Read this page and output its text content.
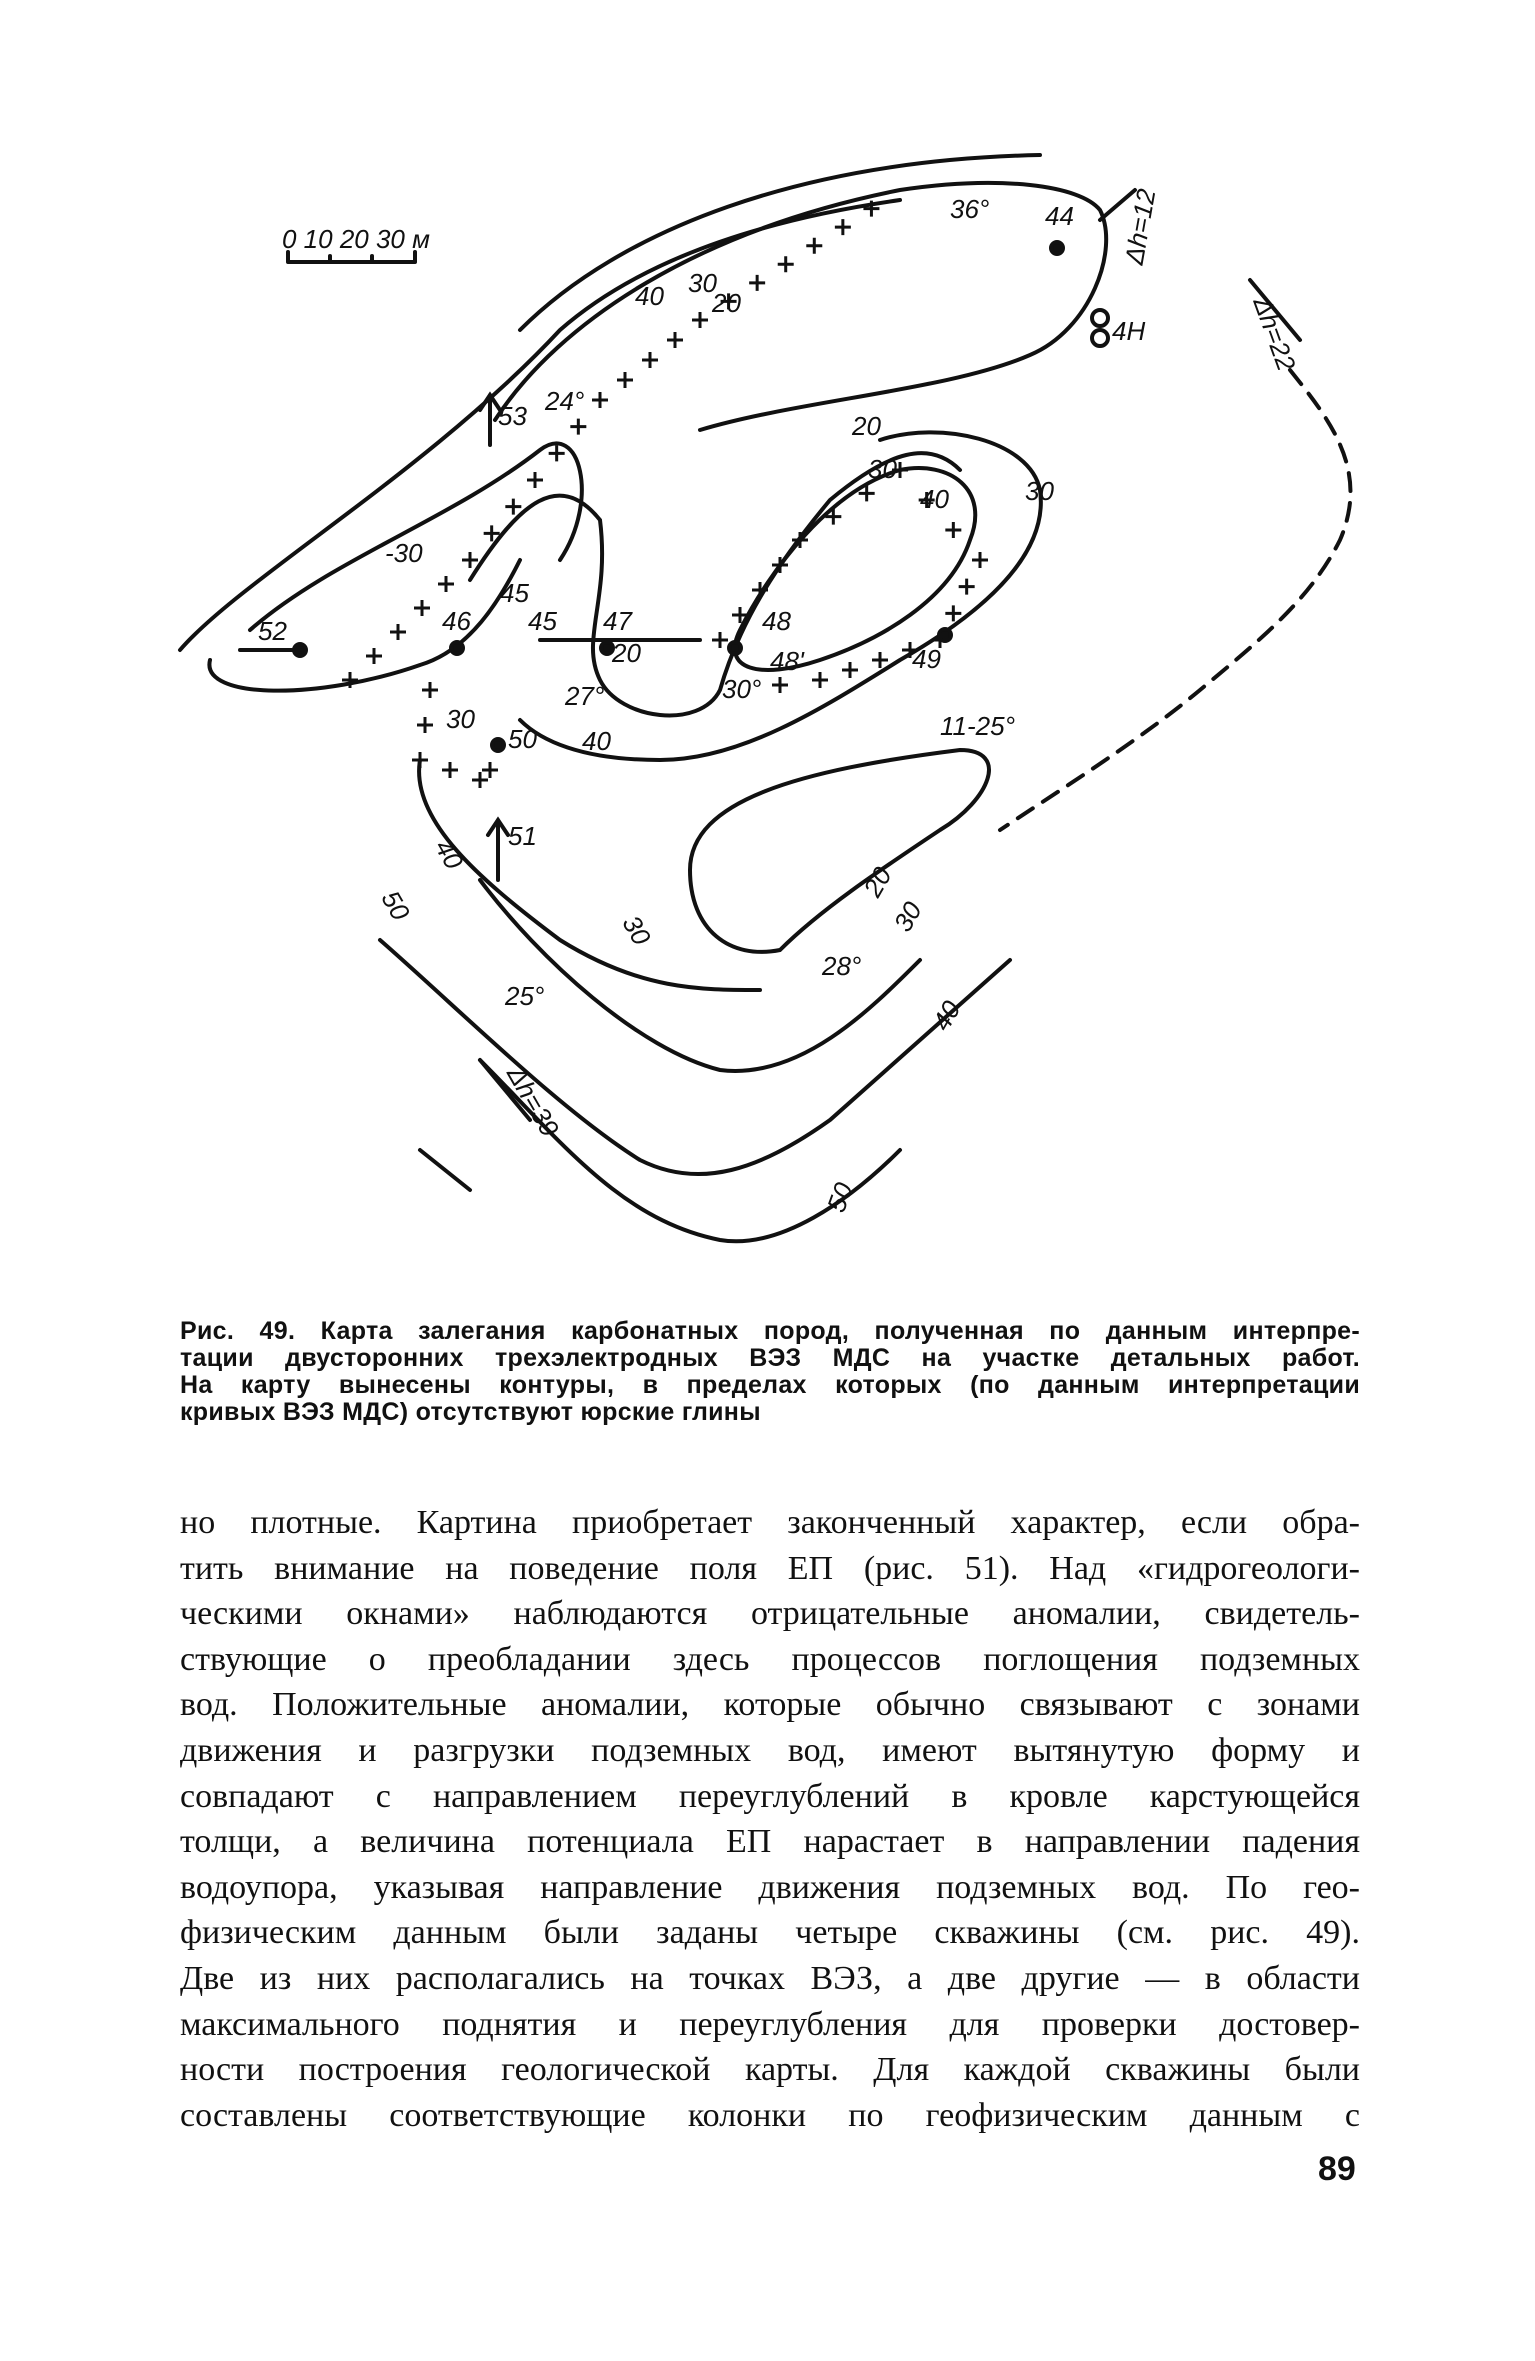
0 10 20 30 м
44
4Н
Δh=12
Δh=22
53 24°
40 30
20
36°
20
30
40	30
-30
52	46
45
45 47
20
48
48'
30°
49
27°
40
30
50	11-25°
51
40
50
30
20
30
28°
40
25°
Δh=39
50
Рис. 49. Карта залегания карбонатных пород, полученная по данным интерпре-
тации двусторонних трехэлектродных ВЭЗ МДС на участке детальных работ.
На карту вынесены контуры, в пределах которых (по данным интерпретации
кривых ВЭЗ МДС) отсутствуют юрские глины
но плотные. Картина приобретает законченный характер, если обра-
тить внимание на поведение поля ЕП (рис. 51). Над «гидрогеологи-
ческими окнами» наблюдаются отрицательные аномалии, свидетель-
ствующие о преобладании здесь процессов поглощения подземных
вод. Положительные аномалии, которые обычно связывают с зонами
движения и разгрузки подземных вод, имеют вытянутую форму и
совпадают с направлением переуглублений в кровле карстующейся
толщи, а величина потенциала ЕП нарастает в направлении падения
водоупора, указывая направление движения подземных вод. По гео-
физическим данным были заданы четыре скважины (см. рис. 49).
Две из них располагались на точках ВЭЗ, а две другие — в области
максимального поднятия и переуглубления для проверки достовер-
ности построения геологической карты. Для каждой скважины были
составлены соответствующие колонки по геофизическим данным с
89
